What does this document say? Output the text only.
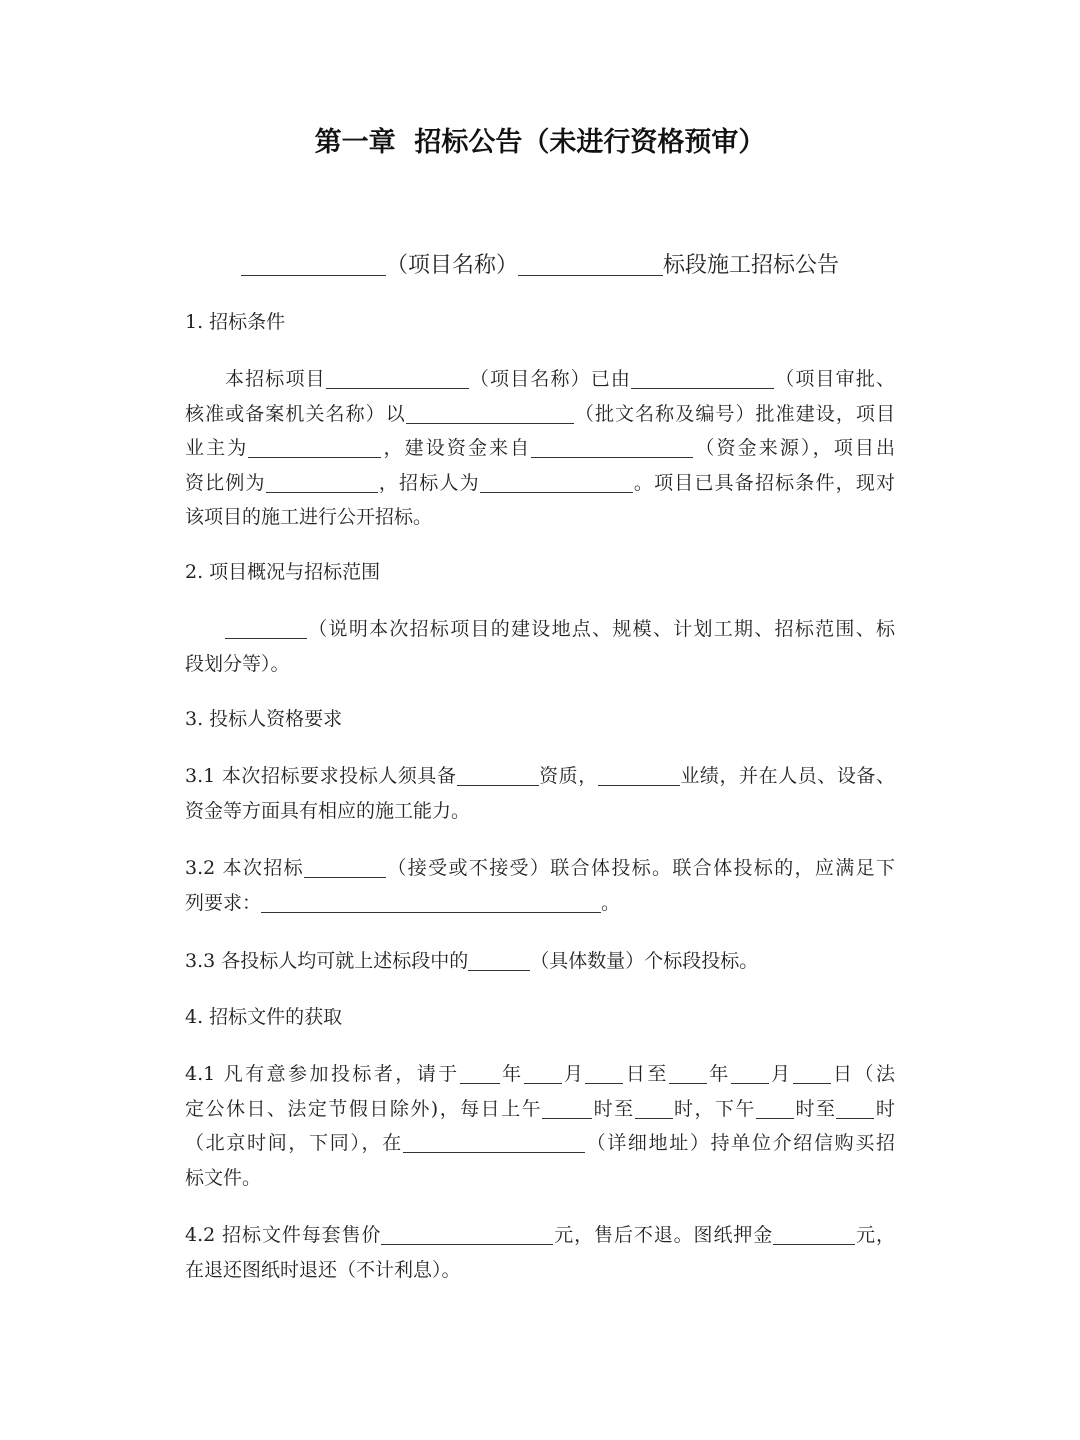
第一章  招标公告（未进行资格预审）
（项目名称）	标段施工招标公告
1. 招标条件
本招标项目	（项目名称）已由	（项目审批、
核准或备案机关名称）以	（批文名称及编号）批准建设，项目
业主为	，建设资金来自	（资金来源），项目出
资比例为	，招标人为	。项目已具备招标条件，现对
该项目的施工进行公开招标。
2. 项目概况与招标范围
（说明本次招标项目的建设地点、规模、计划工期、招标范围、标
段划分等）。
3. 投标人资格要求
3.1 本次招标要求投标人须具备	资质，	业绩，并在人员、设备、
资金等方面具有相应的施工能力。
3.2 本次招标	（接受或不接受）联合体投标。联合体投标的，应满足下
列要求：	。
3.3 各投标人均可就上述标段中的	（具体数量）个标段投标。
4. 招标文件的获取
4.1 凡有意参加投标者，请于 年 月 日至 年 月 日（法
定公休日、法定节假日除外)，每日上午	时至 时，下午 时至 时
（北京时间，下同），在	（详细地址）持单位介绍信购买招
标文件。
4.2 招标文件每套售价	元，售后不退。图纸押金	元，
在退还图纸时退还（不计利息）。
